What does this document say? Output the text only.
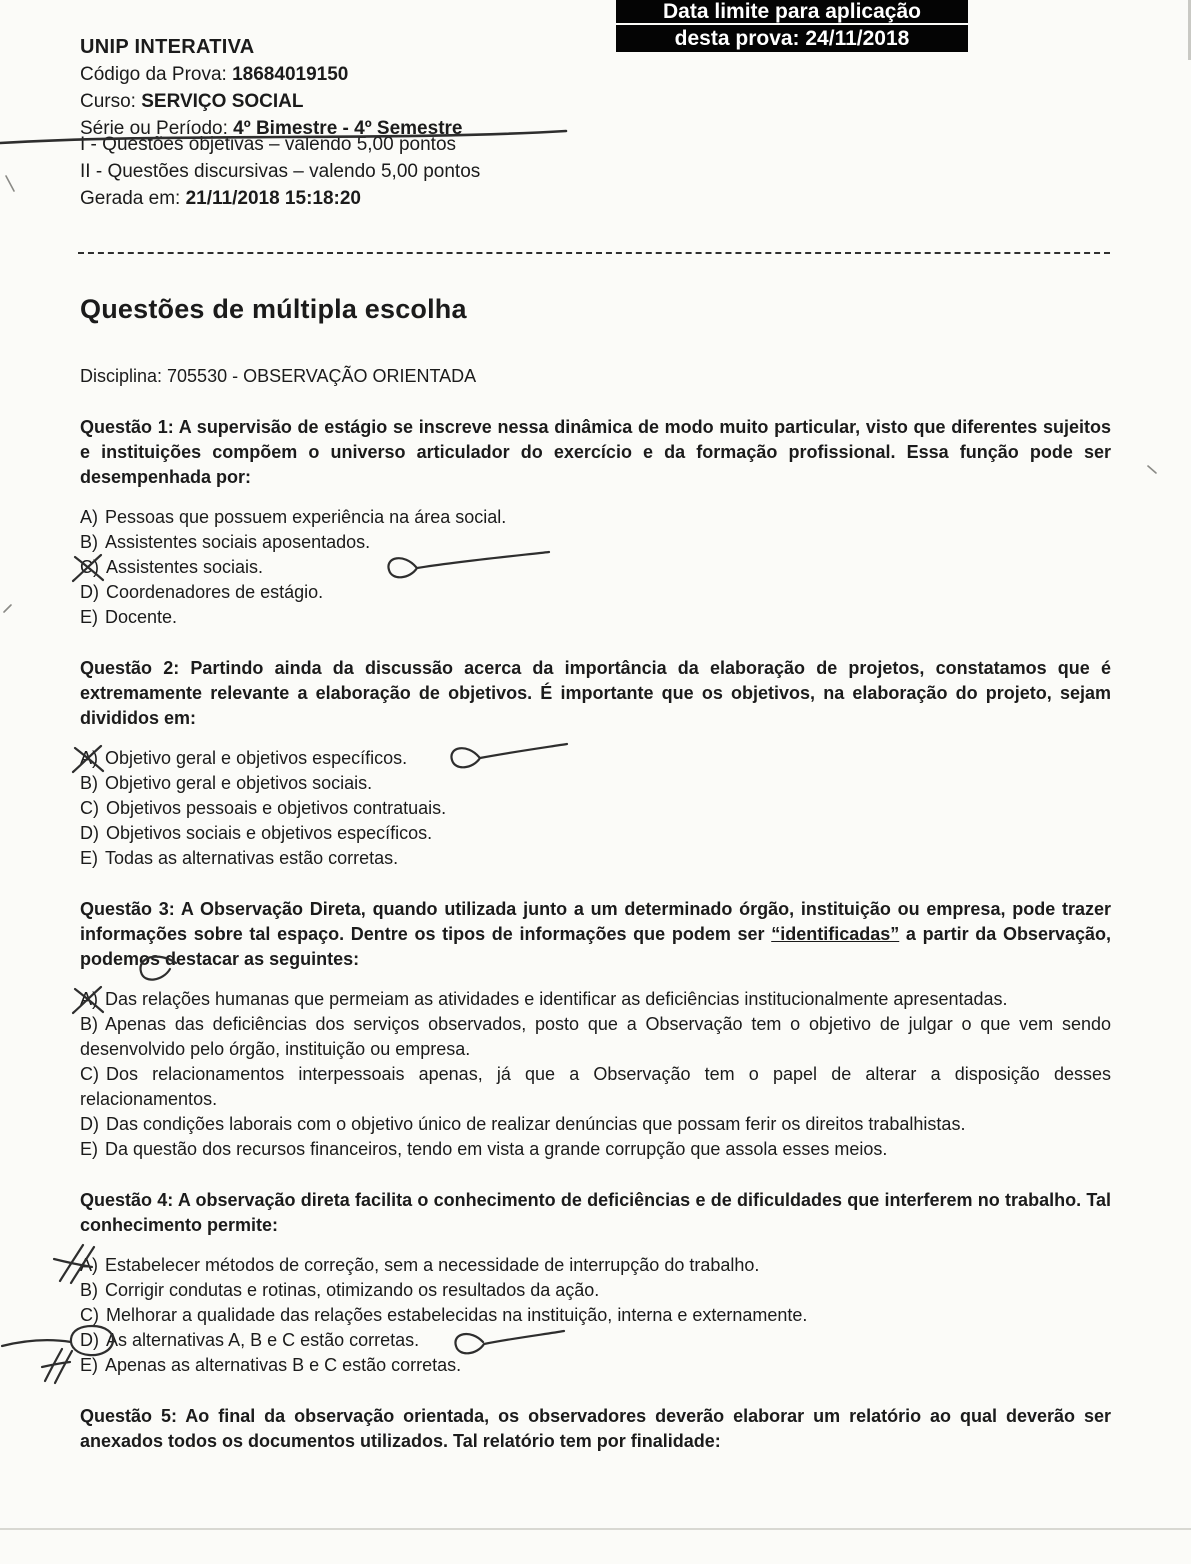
Data limite para aplicação
desta prova: 24/11/2018
UNIP INTERATIVA
Código da Prova: 18684019150
Curso: SERVIÇO SOCIAL
Série ou Período: 4º Bimestre - 4º Semestre
I - Questões objetivas – valendo 5,00 pontos
II - Questões discursivas – valendo 5,00 pontos
Gerada em: 21/11/2018 15:18:20
Questões de múltipla escolha
Disciplina: 705530 - OBSERVAÇÃO ORIENTADA

Questão 1: A supervisão de estágio se inscreve nessa dinâmica de modo muito particular, visto que diferentes sujeitos e instituições compõem o universo articulador do exercício e da formação profissional. Essa função pode ser desempenhada por:

A) Pessoas que possuem experiência na área social.

B) Assistentes sociais aposentados.

C) Assistentes sociais.

D) Coordenadores de estágio.

E) Docente.

Questão 2: Partindo ainda da discussão acerca da importância da elaboração de projetos, constatamos que é extremamente relevante a elaboração de objetivos. É importante que os objetivos, na elaboração do projeto, sejam divididos em:

A) Objetivo geral e objetivos específicos.

B) Objetivo geral e objetivos sociais.

C) Objetivos pessoais e objetivos contratuais.

D) Objetivos sociais e objetivos específicos.

E) Todas as alternativas estão corretas.

Questão 3: A Observação Direta, quando utilizada junto a um determinado órgão, instituição ou empresa, pode trazer informações sobre tal espaço. Dentre os tipos de informações que podem ser “identificadas” a partir da Observação, podemos destacar as seguintes:

A) Das relações humanas que permeiam as atividades e identificar as deficiências institucionalmente apresentadas.

B) Apenas das deficiências dos serviços observados, posto que a Observação tem o objetivo de julgar o que vem sendo desenvolvido pelo órgão, instituição ou empresa.

C) Dos relacionamentos interpessoais apenas, já que a Observação tem o papel de alterar a disposição desses relacionamentos.

D) Das condições laborais com o objetivo único de realizar denúncias que possam ferir os direitos trabalhistas.

E) Da questão dos recursos financeiros, tendo em vista a grande corrupção que assola esses meios.

Questão 4: A observação direta facilita o conhecimento de deficiências e de dificuldades que interferem no trabalho. Tal conhecimento permite:

A) Estabelecer métodos de correção, sem a necessidade de interrupção do trabalho.

B) Corrigir condutas e rotinas, otimizando os resultados da ação.

C) Melhorar a qualidade das relações estabelecidas na instituição, interna e externamente.

D) As alternativas A, B e C estão corretas.

E) Apenas as alternativas B e C estão corretas.

Questão 5: Ao final da observação orientada, os observadores deverão elaborar um relatório ao qual deverão ser anexados todos os documentos utilizados. Tal relatório tem por finalidade:
